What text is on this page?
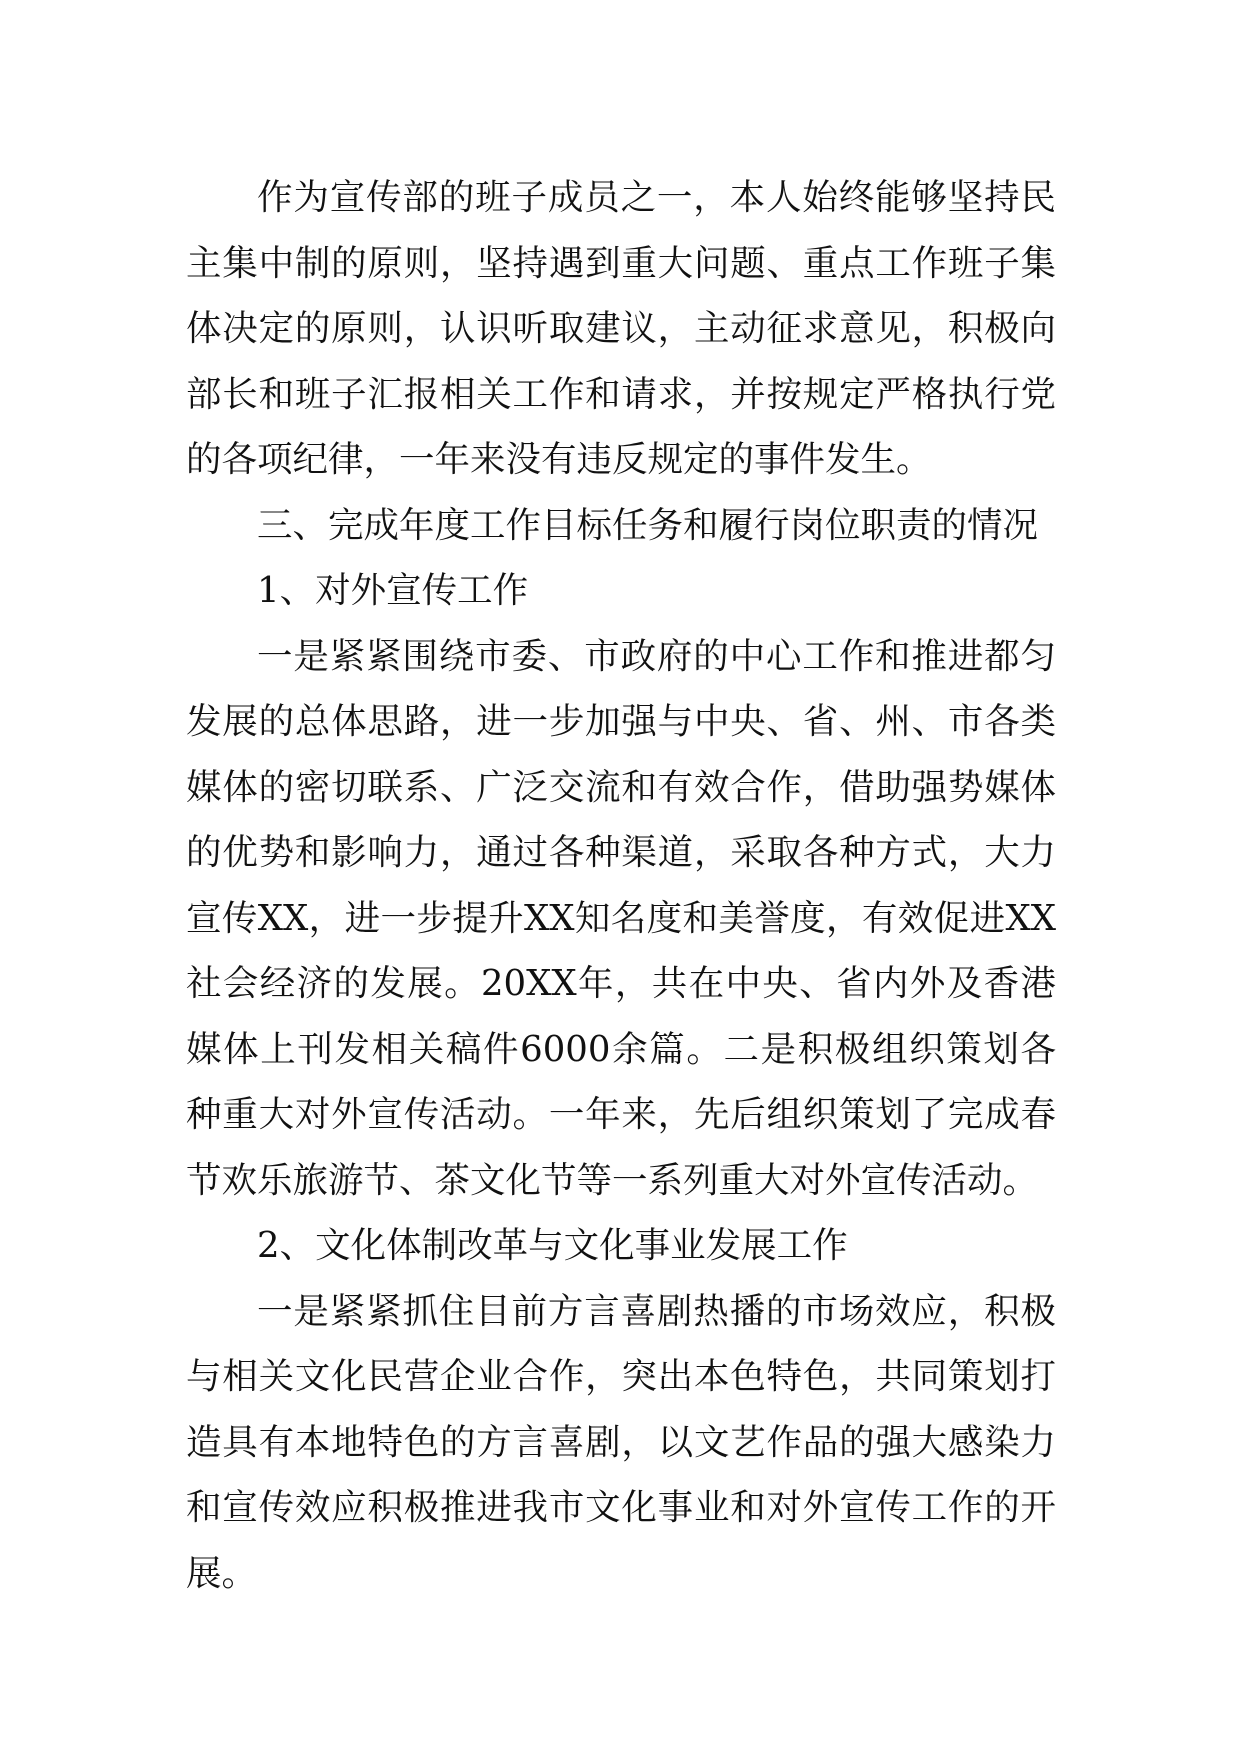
作为宣传部的班子成员之一，本人始终能够坚持民主集中制的原则，坚持遇到重大问题、重点工作班子集体决定的原则，认识听取建议，主动征求意见，积极向部长和班子汇报相关工作和请求，并按规定严格执行党的各项纪律，一年来没有违反规定的事件发生。

三、完成年度工作目标任务和履行岗位职责的情况

1、对外宣传工作

一是紧紧围绕市委、市政府的中心工作和推进都匀发展的总体思路，进一步加强与中央、省、州、市各类媒体的密切联系、广泛交流和有效合作，借助强势媒体的优势和影响力，通过各种渠道，采取各种方式，大力宣传XX，进一步提升XX知名度和美誉度，有效促进XX社会经济的发展。20XX年，共在中央、省内外及香港媒体上刊发相关稿件6000余篇。二是积极组织策划各种重大对外宣传活动。一年来，先后组织策划了完成春节欢乐旅游节、茶文化节等一系列重大对外宣传活动。

2、文化体制改革与文化事业发展工作

一是紧紧抓住目前方言喜剧热播的市场效应，积极与相关文化民营企业合作，突出本色特色，共同策划打造具有本地特色的方言喜剧，以文艺作品的强大感染力和宣传效应积极推进我市文化事业和对外宣传工作的开展。
